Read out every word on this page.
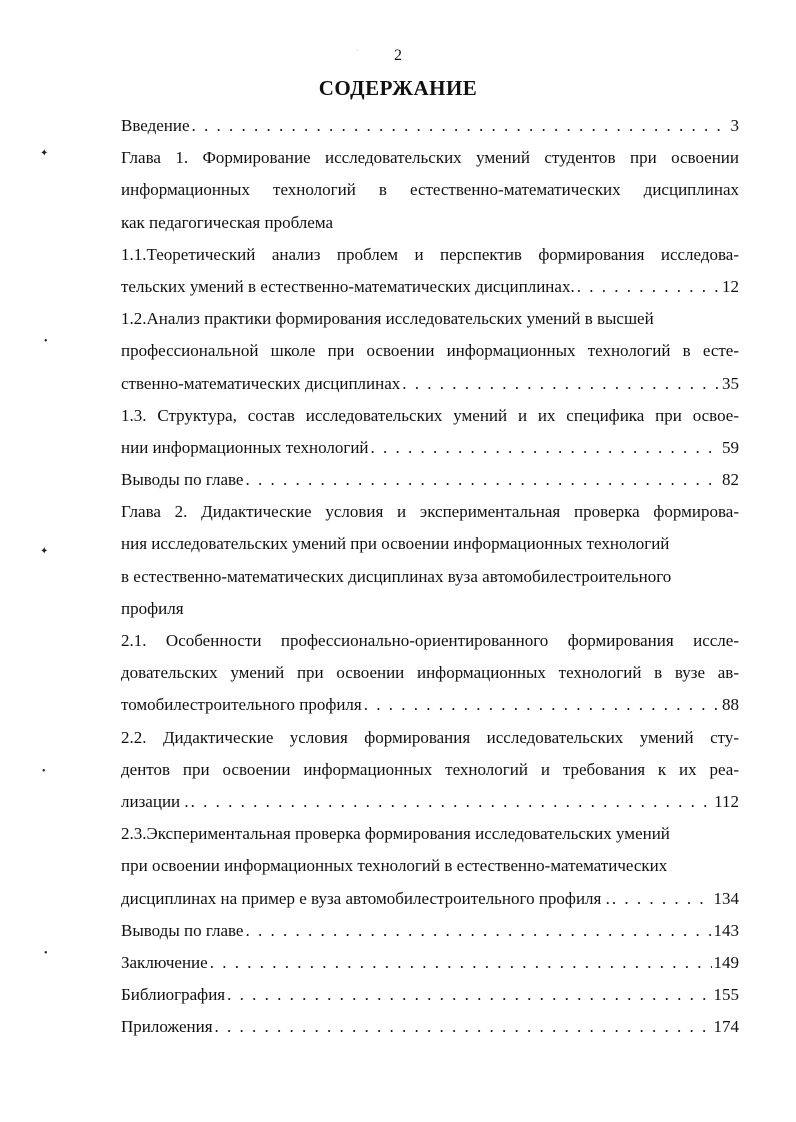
2
СОДЕРЖАНИЕ
✦
•
✦
•
•
·
Введение . . .	3
Глава 1. Формирование исследовательских умений студентов при освоении
информационных технологий в естественно-математических дисциплинах
как педагогическая проблема
1.1.Теоретический анализ проблем и перспектив формирования исследова-
тельских умений в естественно-математических дисциплинах. . . .	12
1.2.Анализ практики формирования исследовательских умений в высшей
профессиональной школе при освоении информационных технологий в есте-
ственно-математических дисциплинах . . .	35
1.3. Структура, состав исследовательских умений и их специфика при освое-
нии информационных технологий . . .	59
Выводы по главе . . .	82
Глава 2. Дидактические условия и экспериментальная проверка формирова-
ния исследовательских умений при освоении информационных технологий
в естественно-математических дисциплинах вуза автомобилестроительного
профиля
2.1. Особенности профессионально-ориентированного формирования иссле-
довательских умений при освоении информационных технологий в вузе ав-
томобилестроительного профиля . . .	88
2.2. Дидактические условия формирования исследовательских умений сту-
дентов при освоении информационных технологий и требования к их реа-
лизации . . . .	112
2.3.Экспериментальная проверка формирования исследовательских умений
при освоении информационных технологий в естественно-математических
дисциплинах на пример е вуза автомобилестроительного профиля . . . .	134
Выводы по главе . . .	143
Заключение . . .	149
Библиография . . .	155
Приложения . . .	174
